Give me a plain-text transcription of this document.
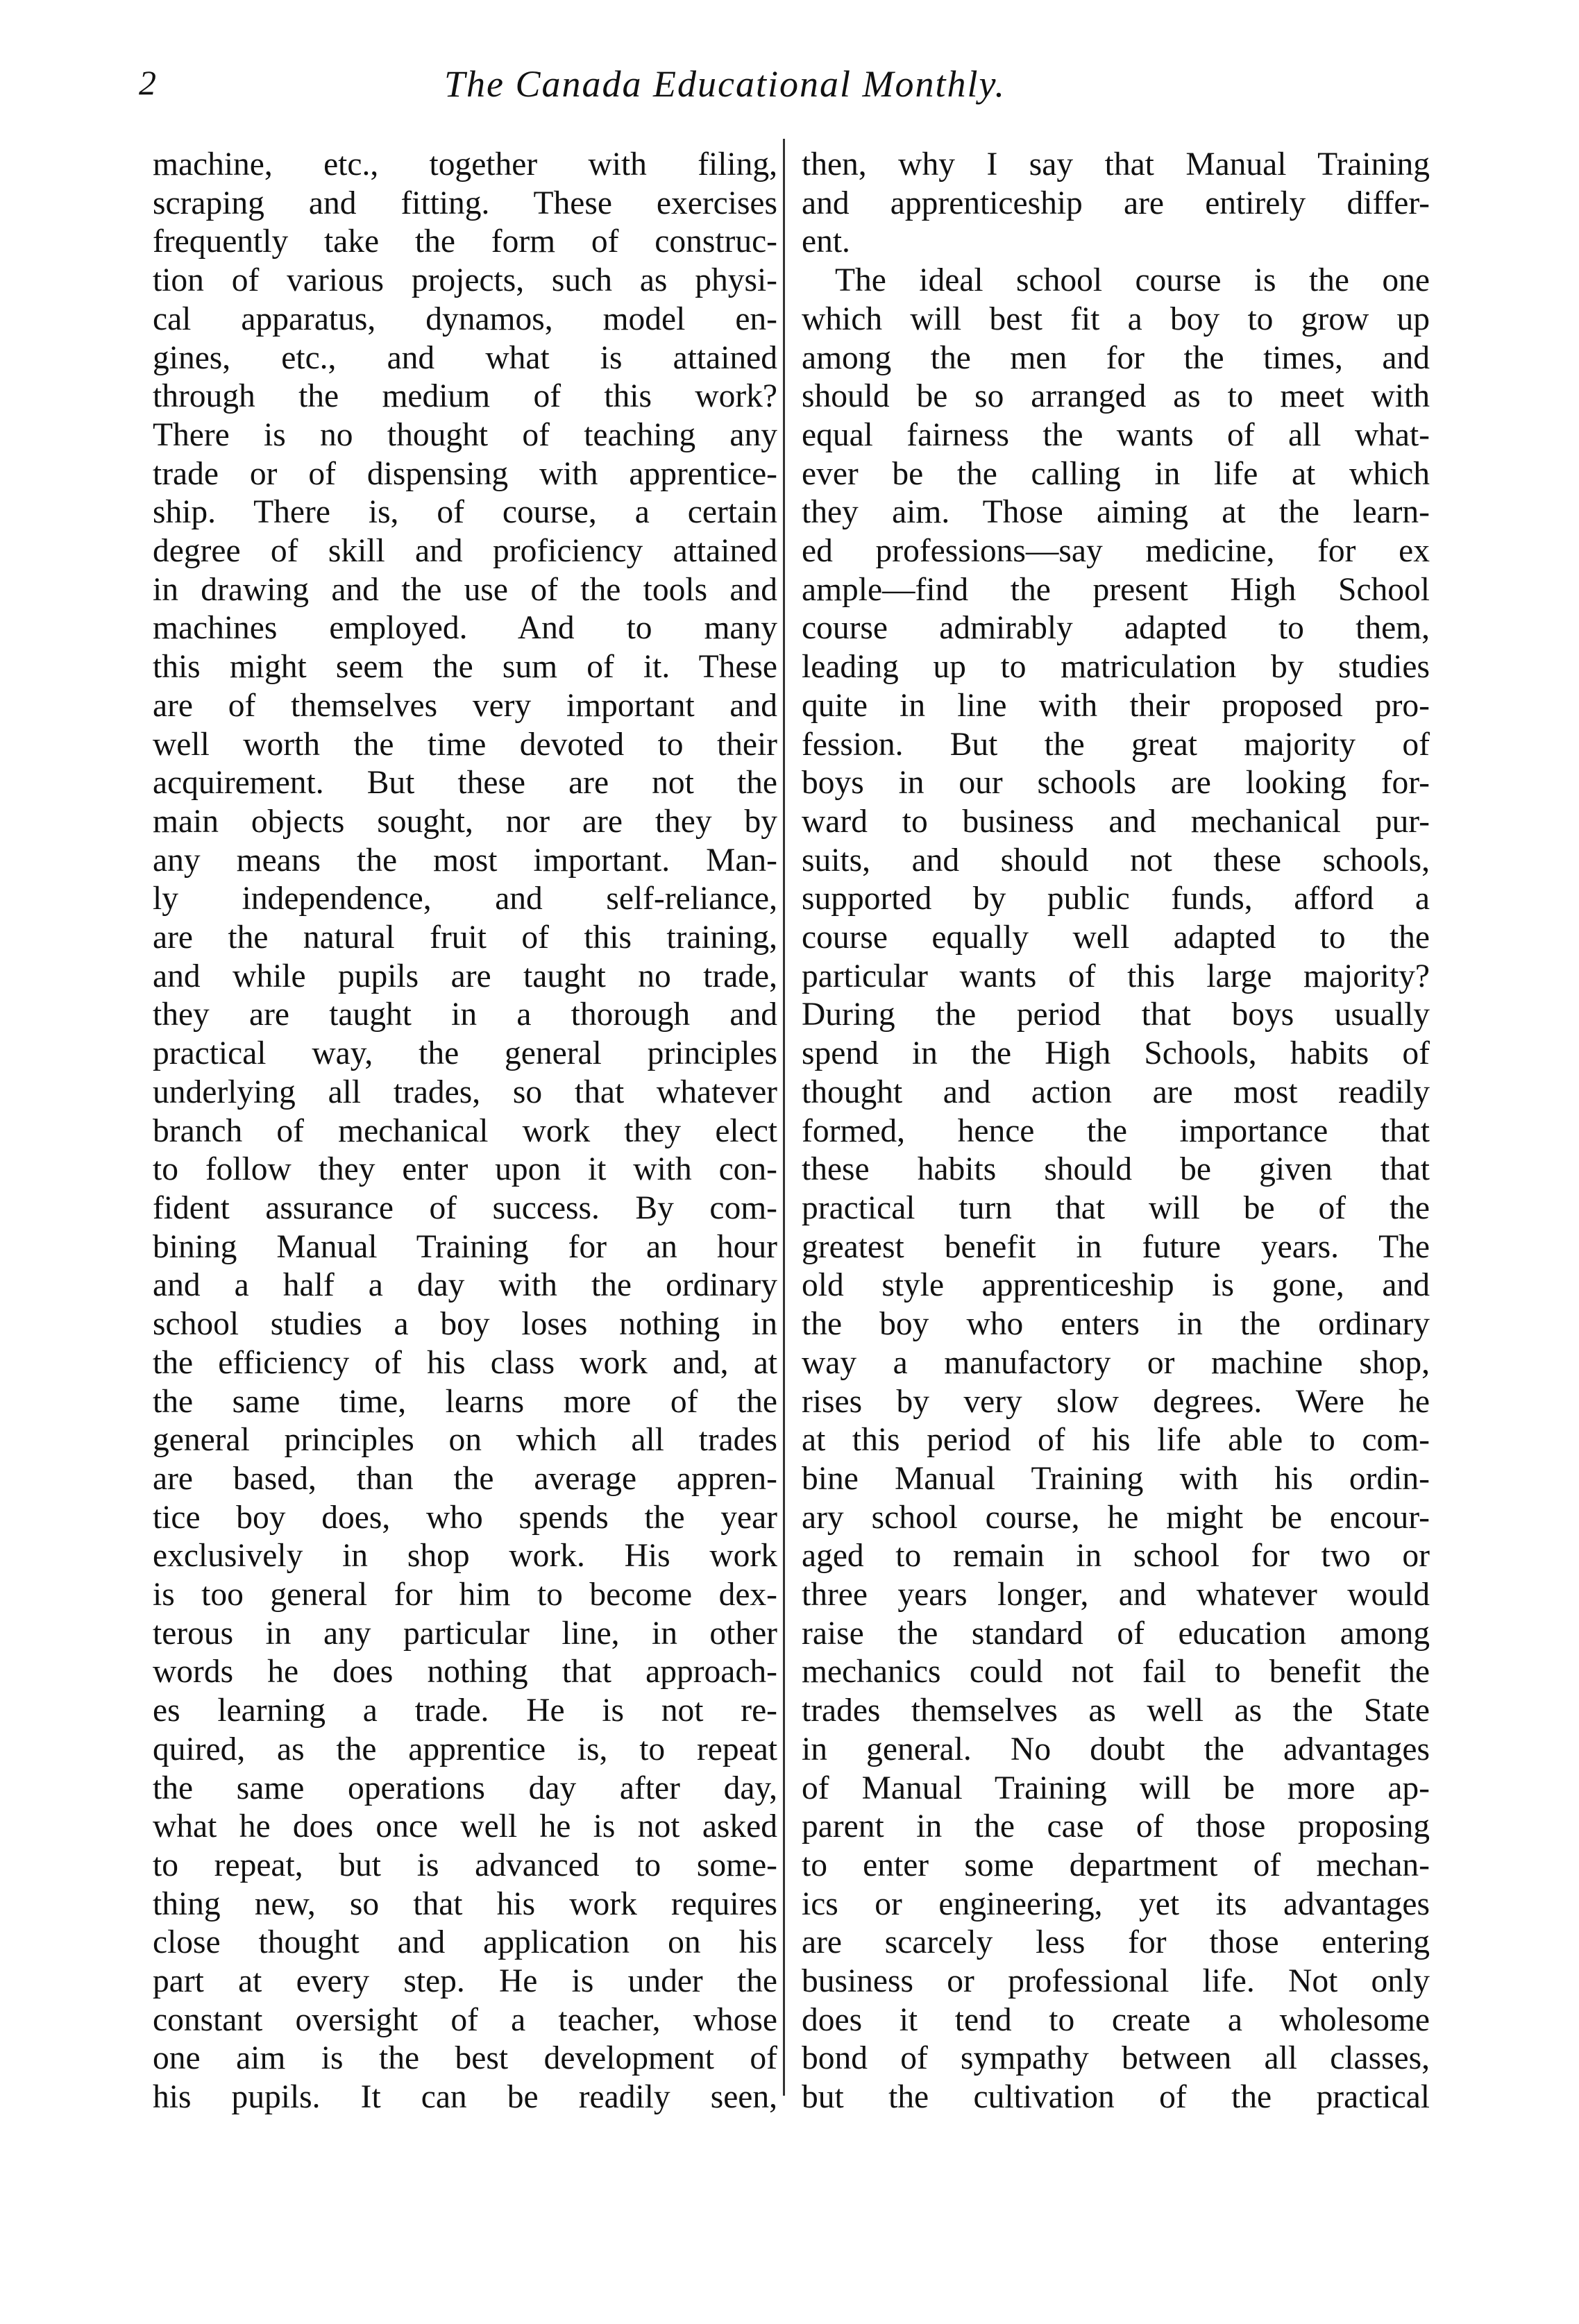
2	The Canada Educational Monthly.
machine, etc., together with filing,
scraping and fitting. These exercises
frequently take the form of construc-
tion of various projects, such as physi-
cal apparatus, dynamos, model en-
gines, etc., and what is attained
through the medium of this work?
There is no thought of teaching any
trade or of dispensing with apprentice-
ship. There is, of course, a certain
degree of skill and proficiency attained
in drawing and the use of the tools and
machines employed. And to many
this might seem the sum of it. These
are of themselves very important and
well worth the time devoted to their
acquirement. But these are not the
main objects sought, nor are they by
any means the most important. Man-
ly independence, and self-reliance,
are the natural fruit of this training,
and while pupils are taught no trade,
they are taught in a thorough and
practical way, the general principles
underlying all trades, so that whatever
branch of mechanical work they elect
to follow they enter upon it with con-
fident assurance of success. By com-
bining Manual Training for an hour
and a half a day with the ordinary
school studies a boy loses nothing in
the efficiency of his class work and, at
the same time, learns more of the
general principles on which all trades
are based, than the average appren-
tice boy does, who spends the year
exclusively in shop work. His work
is too general for him to become dex-
terous in any particular line, in other
words he does nothing that approach-
es learning a trade. He is not re-
quired, as the apprentice is, to repeat
the same operations day after day,
what he does once well he is not asked
to repeat, but is advanced to some-
thing new, so that his work requires
close thought and application on his
part at every step. He is under the
constant oversight of a teacher, whose
one aim is the best development of
his pupils. It can be readily seen,
then, why I say that Manual Training
and apprenticeship are entirely differ-
ent.
The ideal school course is the one
which will best fit a boy to grow up
among the men for the times, and
should be so arranged as to meet with
equal fairness the wants of all what-
ever be the calling in life at which
they aim. Those aiming at the learn-
ed professions—say medicine, for ex
ample—find the present High School
course admirably adapted to them,
leading up to matriculation by studies
quite in line with their proposed pro-
fession. But the great majority of
boys in our schools are looking for-
ward to business and mechanical pur-
suits, and should not these schools,
supported by public funds, afford a
course equally well adapted to the
particular wants of this large majority?
During the period that boys usually
spend in the High Schools, habits of
thought and action are most readily
formed, hence the importance that
these habits should be given that
practical turn that will be of the
greatest benefit in future years. The
old style apprenticeship is gone, and
the boy who enters in the ordinary
way a manufactory or machine shop,
rises by very slow degrees. Were he
at this period of his life able to com-
bine Manual Training with his ordin-
ary school course, he might be encour-
aged to remain in school for two or
three years longer, and whatever would
raise the standard of education among
mechanics could not fail to benefit the
trades themselves as well as the State
in general. No doubt the advantages
of Manual Training will be more ap-
parent in the case of those proposing
to enter some department of mechan-
ics or engineering, yet its advantages
are scarcely less for those entering
business or professional life. Not only
does it tend to create a wholesome
bond of sympathy between all classes,
but the cultivation of the practical
